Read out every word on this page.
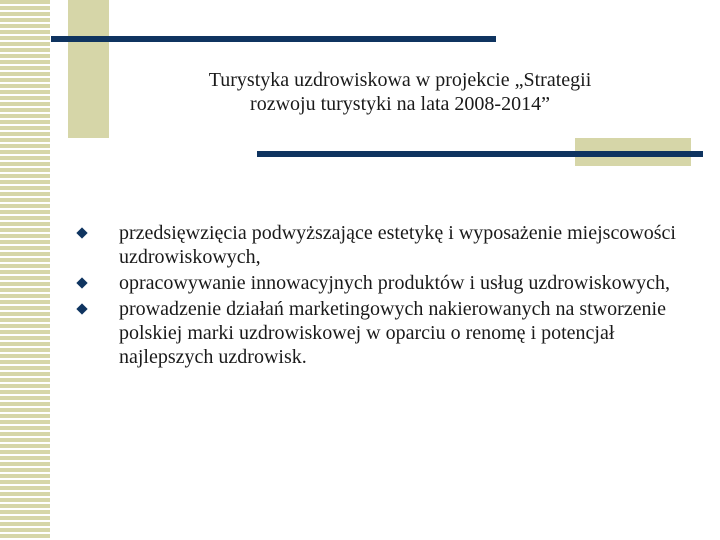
Turystyka uzdrowiskowa w projekcie „Strategii
rozwoju turystyki na lata 2008-2014”
przedsięwzięcia podwyższające estetykę i wyposażenie miejscowości uzdrowiskowych,
opracowywanie innowacyjnych produktów i usług uzdrowiskowych,
prowadzenie działań marketingowych nakierowanych na stworzenie polskiej marki uzdrowiskowej w oparciu o renomę i potencjał najlepszych uzdrowisk.
